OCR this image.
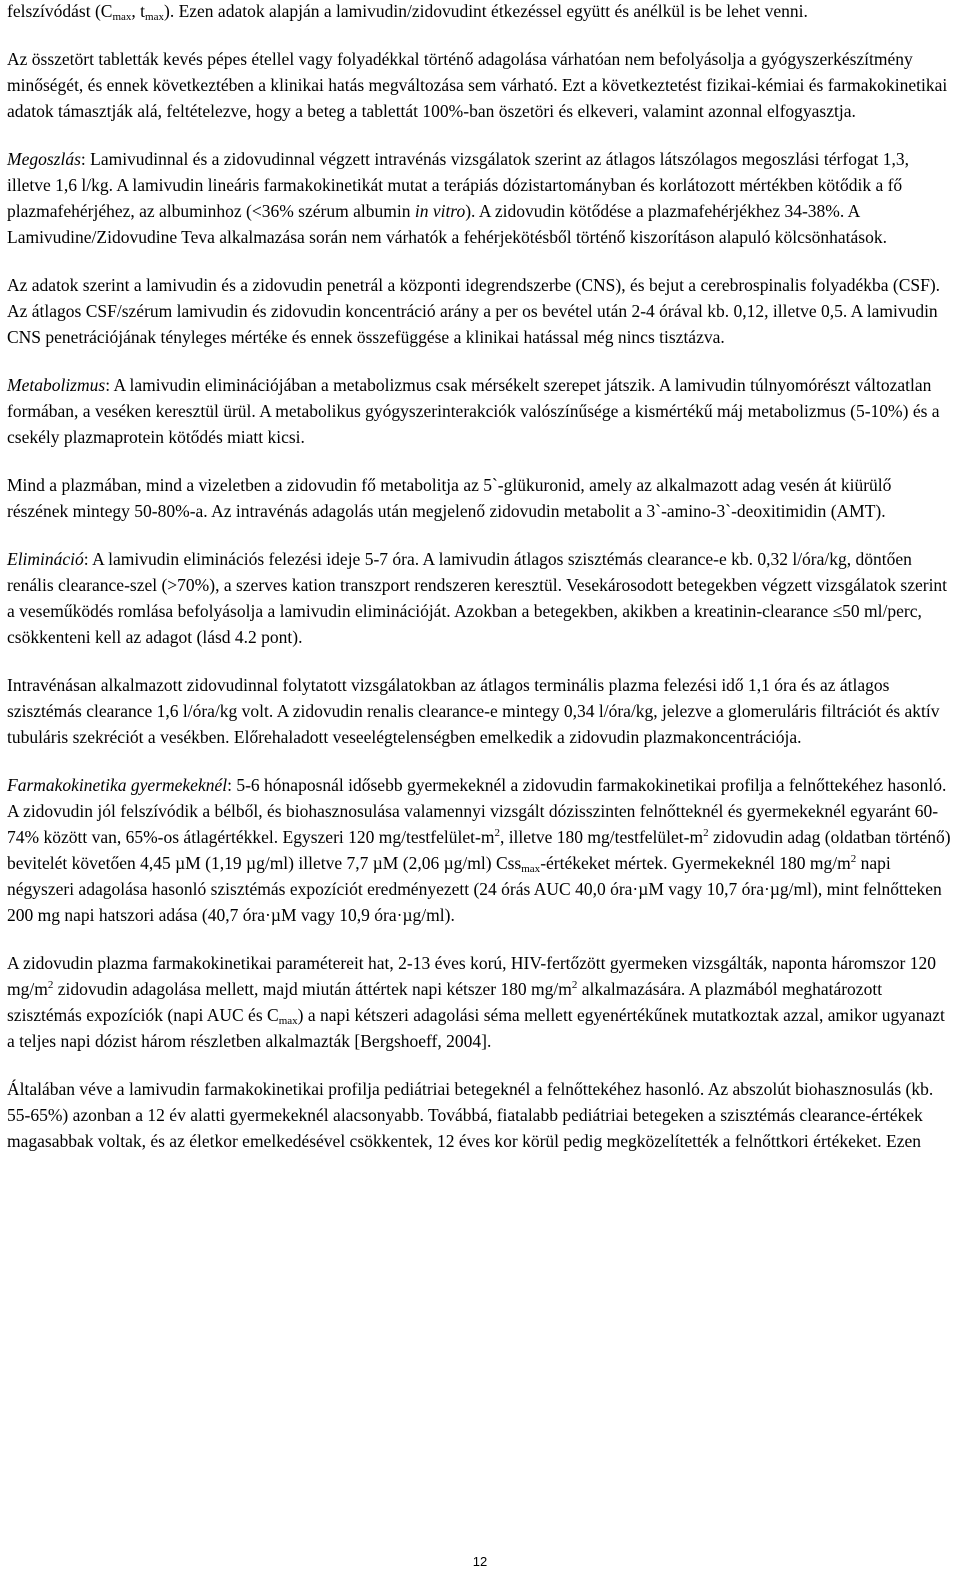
felszívódást ($C_{max}$, $t_{max}$). Ezen adatok alapján a lamivudin/zidovudint étkezéssel együtt és anélkül is be lehet venni.

Az összetört tabletták kevés pépes étellel vagy folyadékkal történő adagolása várhatóan nem befolyásolja a gyógyszerkészítmény minőségét, és ennek következtében a klinikai hatás megváltozása sem várható. Ezt a következtetést fizikai-kémiai és farmakokinetikai adatok támasztják alá, feltételezve, hogy a beteg a tablettát 100%-ban öszetöri és elkeveri, valamint azonnal elfogyasztja.

Megoszlás: Lamivudinnal és a zidovudinnal végzett intravénás vizsgálatok szerint az átlagos látszólagos megoszlási térfogat 1,3, illetve 1,6 l/kg. A lamivudin lineáris farmakokinetikát mutat a terápiás dózistartományban és korlátozott mértékben kötődik a fő plazmafehérjéhez, az albuminhoz (<36% szérum albumin in vitro). A zidovudin kötődése a plazmafehérjékhez 34-38%. A Lamivudine/Zidovudine Teva alkalmazása során nem várhatók a fehérjekötésből történő kiszorításon alapuló kölcsönhatások.

Az adatok szerint a lamivudin és a zidovudin penetrál a központi idegrendszerbe (CNS), és bejut a cerebrospinalis folyadékba (CSF). Az átlagos CSF/szérum lamivudin és zidovudin koncentráció arány a per os bevétel után 2-4 órával kb. 0,12, illetve 0,5. A lamivudin CNS penetrációjának tényleges mértéke és ennek összefüggése a klinikai hatással még nincs tisztázva.

Metabolizmus: A lamivudin eliminációjában a metabolizmus csak mérsékelt szerepet játszik. A lamivudin túlnyomórészt változatlan formában, a veséken keresztül ürül. A metabolikus gyógyszerinterakciók valószínűsége a kismértékű máj metabolizmus (5-10%) és a csekély plazmaprotein kötődés miatt kicsi.

Mind a plazmában, mind a vizeletben a zidovudin fő metabolitja az 5`-glükuronid, amely az alkalmazott adag vesén át kiürülő részének mintegy 50-80%-a. Az intravénás adagolás után megjelenő zidovudin metabolit a 3`-amino-3`-deoxitimidin (AMT).

Elimináció: A lamivudin eliminációs felezési ideje 5-7 óra. A lamivudin átlagos szisztémás clearance-e kb. 0,32 l/óra/kg, döntően renális clearance-szel (>70%), a szerves kation transzport rendszeren keresztül. Vesekárosodott betegekben végzett vizsgálatok szerint a veseműködés romlása befolyásolja a lamivudin eliminációját. Azokban a betegekben, akikben a kreatinin-clearance ≤50 ml/perc, csökkenteni kell az adagot (lásd 4.2 pont).

Intravénásan alkalmazott zidovudinnal folytatott vizsgálatokban az átlagos terminális plazma felezési idő 1,1 óra és az átlagos szisztémás clearance 1,6 l/óra/kg volt. A zidovudin renalis clearance-e mintegy 0,34 l/óra/kg, jelezve a glomeruláris filtrációt és aktív tubuláris szekréciót a vesékben. Előrehaladott veseelégtelenségben emelkedik a zidovudin plazmakoncentrációja.

Farmakokinetika gyermekeknél: 5-6 hónaposnál idősebb gyermekeknél a zidovudin farmakokinetikai profilja a felnőttekéhez hasonló. A zidovudin jól felszívódik a bélből, és biohasznosulása valamennyi vizsgált dózisszinten felnőtteknél és gyermekeknél egyaránt 60-74% között van, 65%-os átlagértékkel. Egyszeri 120 $mg/testfelület-m^2$, illetve 180 $mg/testfelület-m^2$ zidovudin adag (oldatban történő) bevitelét követően 4,45 µM (1,19 µg/ml) illetve 7,7 µM (2,06 µg/ml) Css$_{max}$-értékeket mértek. Gyermekeknél 180 $mg/m^2$ napi négyszeri adagolása hasonló szisztémás expozíciót eredményezett (24 órás AUC 40,0 óra·µM vagy 10,7 óra·µg/ml), mint felnőtteken 200 mg napi hatszori adása (40,7 óra·µM vagy 10,9 óra·µg/ml).

A zidovudin plazma farmakokinetikai paramétereit hat, 2-13 éves korú, HIV-fertőzött gyermeken vizsgálták, naponta háromszor 120 $mg/m^2$ zidovudin adagolása mellett, majd miután áttértek napi kétszer 180 $mg/m^2$ alkalmazására. A plazmából meghatározott szisztémás expozíciók (napi AUC és $C_{max}$) a napi kétszeri adagolási séma mellett egyenértékűnek mutatkoztak azzal, amikor ugyanazt a teljes napi dózist három részletben alkalmazták [Bergshoeff, 2004].

Általában véve a lamivudin farmakokinetikai profilja pediátriai betegeknél a felnőttekéhez hasonló. Az abszolút biohasznosulás (kb. 55-65%) azonban a 12 év alatti gyermekeknél alacsonyabb. Továbbá, fiatalabb pediátriai betegeken a szisztémás clearance-értékek magasabbak voltak, és az életkor emelkedésével csökkentek, 12 éves kor körül pedig megközelítették a felnőttkori értékeket. Ezen

12
